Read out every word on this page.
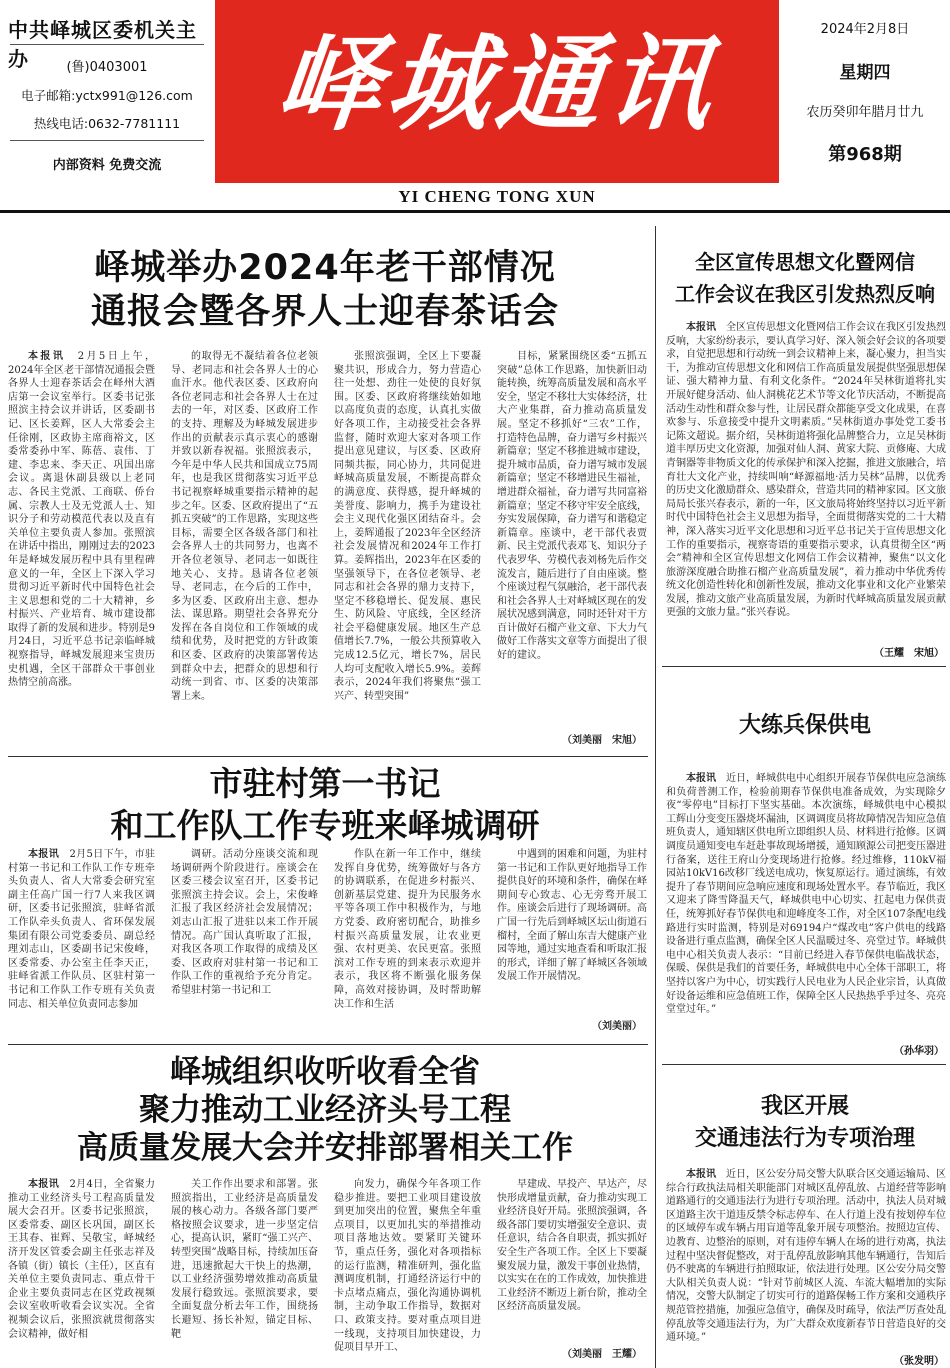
中共峄城区委机关主办	(鲁)0403001
电子邮箱:yctx991@126.com
热线电话:0632-7781111
内部资料 免费交流
峄城通讯
YI CHENG TONG XUN
2024年2月8日
星期四
农历癸卯年腊月廿九
第968期
峄城举办2024年老干部情况
通报会暨各界人士迎春茶话会

本报讯　 2月5日上午，2024年全区老干部情况通报会暨各界人士迎春茶话会在峄州大酒店第一会议室举行。区委书记张照滨主持会议并讲话，区委副书记、区长姜辉，区人大常委会主任徐刚，区政协主席商裕文，区委常委孙中军、陈蓓、袁伟、丁建、李忠来、李天正、巩国出席会议。离退休副县级以上老同志、各民主党派、工商联、侨台属、宗教人士及无党派人士、知识分子和劳动模范代表以及直有关单位主要负责人参加。张照滨在讲话中指出，刚刚过去的2023年是峄城发展历程中具有里程碑意义的一年，全区上下深入学习贯彻习近平新时代中国特色社会主义思想和党的二十大精神，乡村振兴、产业培育、城市建设都取得了新的发展和进步。特别是9月24日，习近平总书记亲临峄城视察指导，峄城发展迎来宝贵历史机遇，全区干部群众干事创业热情空前高涨。

的取得无不凝结着各位老领导、老同志和社会各界人士的心血汗水。他代表区委、区政府向各位老同志和社会各界人士在过去的一年，对区委、区政府工作的支持、理解及为峄城发展进步作出的贡献表示真示衷心的感谢并致以新春祝福。张照滨表示，今年是中华人民共和国成立75周年，也是我区贯彻落实习近平总书记视察峄城重要指示精神的起步之年。区委、区政府提出了“五抓五突破”的工作思路，实现这些目标，需要全区各级各部门和社会各界人士的共同努力，也离不开各位老领导、老同志一如既往地关心、支持。恳请各位老领导、老同志，在今后的工作中，多为区委、区政府出主意、想办法、谋思路。期望社会各界充分发挥在各自岗位和工作领域的成绩和优势，及时把党的方针政策和区委、区政府的决策部署传达到群众中去，把群众的思想和行动统一到省、市、区委的决策部署上来。

张照滨强调，全区上下要凝聚共识，形成合力，努力营造心往一处想、劲往一处使的良好氛围。区委、区政府将继续始如地以高度负责的态度，认真扎实做好各项工作，主动接受社会各界监督，随时欢迎大家对各项工作提出意见建议，与区委、区政府同频共振，同心协力，共同促进峄城高质量发展，不断提高群众的满意度、获得感，提升峄城的美誉度、影响力，携手为建设社会主义现代化强区团结奋斗。会上，姜辉通报了2023年全区经济社会发展情况和2024年工作打算。姜辉指出，2023年在区委的坚强领导下，在各位老领导、老同志和社会各界的鼎力支持下，坚定不移稳增长、促发展、惠民生、防风险、守底线，全区经济社会平稳健康发展。地区生产总值增长7.7%，一般公共预算收入完成12.5亿元，增长7%，居民人均可支配收入增长5.9%。姜辉表示，2024年我们将聚焦“强工兴产、转型突围”

目标，紧紧围绕区委“五抓五突破”总体工作思路，加快新旧动能转换，统筹高质量发展和高水平安全，坚定不移壮大实体经济，壮大产业集群，奋力推动高质量发展。坚定不移抓好“三农”工作，打造特色品牌，奋力谱写乡村振兴新篇章；坚定不移推进城市建设，提升城市品质，奋力谱写城市发展新篇章；坚定不移增进民生福祉，增进群众福祉，奋力谱写共同富裕新篇章；坚定不移守牢安全底线，夯实发展保障，奋力谱写和谐稳定新篇章。座谈中，老干部代表贾新、民主党派代表邓飞、知识分子代表罗华、劳模代表刘杨先后作交流发言，随后进行了自由座谈。整个座谈过程气氛融洽，老干部代表和社会各界人士对峄城区现在的发展状况感到满意，同时还针对干方百计做好石榴产业文章、下大力气做好工作落实文章等方面提出了很好的建议。

（刘美丽　宋旭）
市驻村第一书记
和工作队工作专班来峄城调研

本报讯　 2月5日下午，市驻村第一书记和工作队工作专班牵头负责人、省人大常委会研究室副主任高广国一行7人来我区调研，区委书记张照滨，驻峄省派工作队牵头负责人、省环保发展集团有限公司党委委员、副总经理刘志山，区委副书记宋俊峰，区委常委、办公室主任李天正，驻峄省派工作队员、区驻村第一书记和工作队工作专班有关负责同志、相关单位负责同志参加

调研。活动分座谈交流和现场调研两个阶段进行。座谈会在区委三楼会议室召开，区委书记张照滨主持会议。会上，宋俊峰汇报了我区经济社会发展情况；刘志山汇报了进驻以来工作开展情况。高广国认真听取了汇报，对我区各项工作取得的成绩及区委、区政府对驻村第一书记和工作队工作的重视给予充分肯定。希望驻村第一书记和工

作队在新一年工作中，继续发挥自身优势，统筹做好与各方的协调联系，在促进乡村振兴、创新基层党建、提升为民服务水平等各项工作中积极作为，与地方党委、政府密切配合，助推乡村振兴高质量发展，让农业更强、农村更美、农民更富。张照滨对工作专班的到来表示欢迎并表示，我区将不断强化服务保障，高效对接协调，及时帮助解决工作和生活

中遇到的困难和问题，为驻村第一书记和工作队更好地指导工作提供良好的环境和条件，确保在峄期间专心致志、心无旁骛开展工作。座谈会后进行了现场调研。高广国一行先后到峄城区坛山街道石榴村，全面了解山东吉大健康产业园等地，通过实地查看和听取汇报的形式，详细了解了峄城区各领域发展工作开展情况。

（刘美丽）
峄城组织收听收看全省
聚力推动工业经济头号工程
高质量发展大会并安排部署相关工作

本报讯　 2月4日，全省聚力推动工业经济头号工程高质量发展大会召开。区委书记张照滨，区委常委、副区长巩国，副区长王其春、崔辉、吴敬宝，峄城经济开发区管委会副主任张志祥及各镇（街）镇长（主任），区直有关单位主要负责同志、重点骨干企业主要负责同志在区党政视频会议室收听收看会议实况。全省视频会议后，张照滨就贯彻落实会议精神，做好相

关工作作出要求和部署。张照滨指出，工业经济是高质量发展的核心动力。各级各部门要严格按照会议要求，进一步坚定信心，提高认识，紧盯“强工兴产、转型突围”战略目标，持续加压奋进，迅速掀起大干快上的热潮，以工业经济强势增效推动高质量发展行稳致远。张照滨要求，要全面复盘分析去年工作，围绕扬长避短、扬长补短，锚定目标、靶

向发力，确保今年各项工作稳步推进。要把工业项目建设放到更加突出的位置，聚焦全年重点项目，以更加扎实的举措推动项目落地达效。要紧盯关键环节，重点任务，强化对各项指标的运行监测，精准研判，强化监测调度机制，打通经济运行中的卡点堵点痛点，强化沟通协调机制，主动争取工作指导，数据对口、政策支持。要对重点项目进一线现，支持项目加快建设，力促项目早开工、

早建成、早投产、早达产，尽快形成增量贡献，奋力推动实现工业经济良好开局。张照滨强调，各级各部门要切实增强安全意识、责任意识，结合各自职责，抓实抓好安全生产各项工作。全区上下要凝聚发展力量，激发干事创业热情，以实实在在的工作成效，加快推进工业经济不断迈上新台阶，推动全区经济高质量发展。

（刘美丽　王耀）
全区宣传思想文化暨网信
工作会议在我区引发热烈反响

本报讯　 全区宣传思想文化暨网信工作会议在我区引发热烈反响，大家纷纷表示，要认真学习好、深入领会好会议的各项要求，自觉把思想和行动统一到会议精神上来，凝心聚力，担当实干，为推动宣传思想文化和网信工作高质量发展提供坚强思想保证、强大精神力量、有利文化条件。“2024年吴林街道将扎实开展好健身活动、仙人洞桃花艺术节等文化节庆活动，不断提高活动生动性和群众参与性，让居民群众都能享受文化成果，在喜欢参与、乐意接受中提升文明素质。”吴林街道办事处党工委书记陈文超说。据介绍，吴林街道将强化品牌整合力，立足吴林街道丰厚历史文化资源，加强对仙人洞、黄家大院、贡修庵、大成青铜器等非物质文化的传承保护和深入挖掘，推进文旅融合，培育壮大文化产业，持续叫响“峄源福地·活力吴林”品牌，以优秀的历史文化激励群众、感染群众，营造共同的精神家园。区文旅局局长张兴春表示，新的一年，区文旅局将始终坚持以习近平新时代中国特色社会主义思想为指导，全面贯彻落实党的二十大精神，深入落实习近平文化思想和习近平总书记关于宣传思想文化工作的重要指示，视察寄语的重要指示要求，认真贯彻全区“两会”精神和全区宣传思想文化网信工作会议精神，聚焦“以文化旅游深度融合助推石榴产业高质量发展”，着力推动中华优秀传统文化创造性转化和创新性发展，推动文化事业和文化产业繁荣发展，推动文旅产业高质量发展，为新时代峄城高质量发展贡献更强的文旅力量。”张兴春说。

（王耀　宋旭）
大练兵保供电

本报讯　 近日，峄城供电中心组织开展春节保供电应急演练和负荷普测工作，检验前期春节保供电准备成效，为实现除夕夜“零停电”目标打下坚实基础。本次演练，峄城供电中心模拟工辉山分变变压器烧坏漏油，区调调度员将故障情况告知应急值班负责人，通知辖区供电所立即组织人员、材料进行抢修。区调调度员通知变电车赶赴事故现场增援，通知顾源公司把变压器进行备案，送往王府山分变现场进行抢修。经过维修，110kV福园站10kV16改移厂线送电成功，恢复原运行。通过演练，有效提升了春节期间应急响应速度和现场处置水平。春节临近，我区又迎来了降雪降温天气，峄城供电中心切实、扛起电力保供责任，统筹抓好春节保供电和迎峰度冬工作，对全区107条配电线路进行实时监测，特别是对69194户“煤改电”客户供电的线路设备进行重点监测，确保全区人民温暖过冬、亮堂过节。峄城供电中心相关负责人表示：“目前已经进入春节保供电临战状态，保暖、保供是我们的首要任务，峄城供电中心全体干部职工，将坚持以客户为中心，切实践行人民电业为人民企业宗旨，认真做好设备运维和应急值班工作，保障全区人民热热乎乎过冬、亮亮堂堂过年。”

（孙华羽）
我区开展
交通违法行为专项治理

本报讯　 近日，区公安分局交警大队联合区交通运输局、区综合行政执法局相关职能部门对城区乱停乱放、占道经营等影响道路通行的交通违法行为进行专项治理。活动中，执法人员对城区道路主次干道违反禁令标志停车、在人行道上没有按划停车位的区域停车或车辆占用盲道等乱象开展专项整治。按照边宣传、边教育、边整治的原则，对有违停车辆人在场的进行劝离，执法过程中坚决督促整改，对于乱停乱放影响其他车辆通行，告知后仍不驶离的车辆进行拍照取证，依法进行处理。区公安分局交警大队相关负责人说：“针对节前城区人流、车流大幅增加的实际情况，交警大队制定了切实可行的道路保畅工作方案和交通秩序规范管控措施，加强应急值守，确保及时疏导，依法严厉查处乱停乱放等交通违法行为，为广大群众欢度新春节日营造良好的交通环境。”

（张发明）
